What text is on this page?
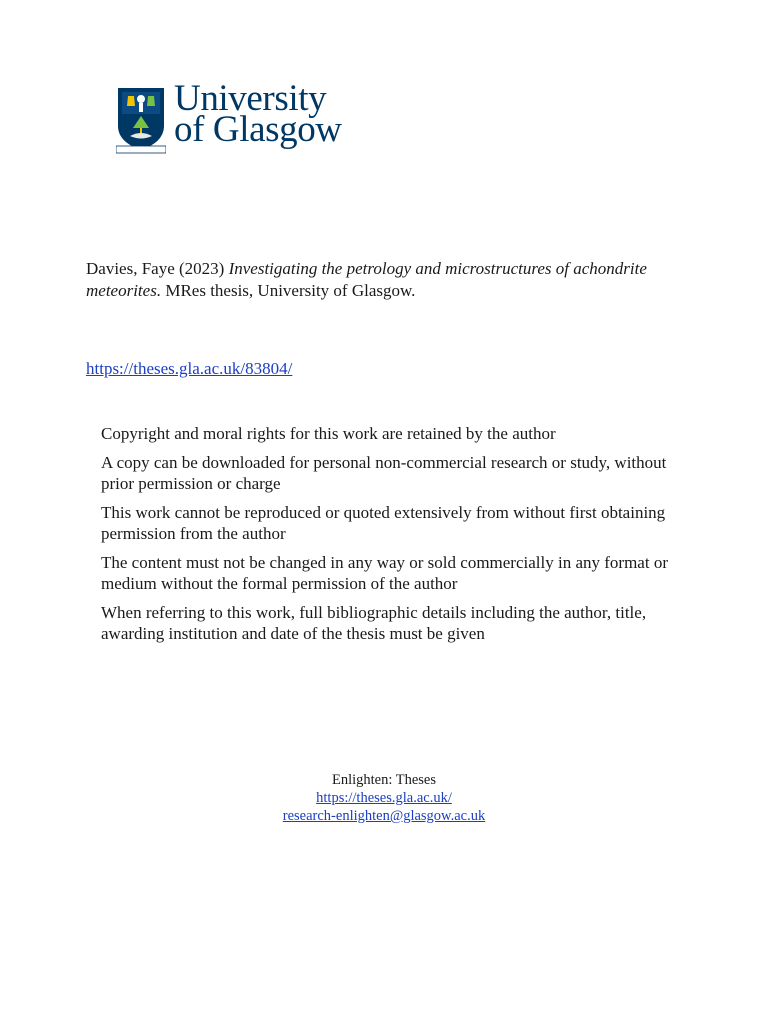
University
of Glasgow
Davies, Faye (2023) Investigating the petrology and microstructures of achondrite meteorites. MRes thesis, University of Glasgow.
https://theses.gla.ac.uk/83804/
Copyright and moral rights for this work are retained by the author
A copy can be downloaded for personal non-commercial research or study, without prior permission or charge
This work cannot be reproduced or quoted extensively from without first obtaining permission from the author
The content must not be changed in any way or sold commercially in any format or medium without the formal permission of the author
When referring to this work, full bibliographic details including the author, title, awarding institution and date of the thesis must be given
Enlighten: Theses
https://theses.gla.ac.uk/
research-enlighten@glasgow.ac.uk
